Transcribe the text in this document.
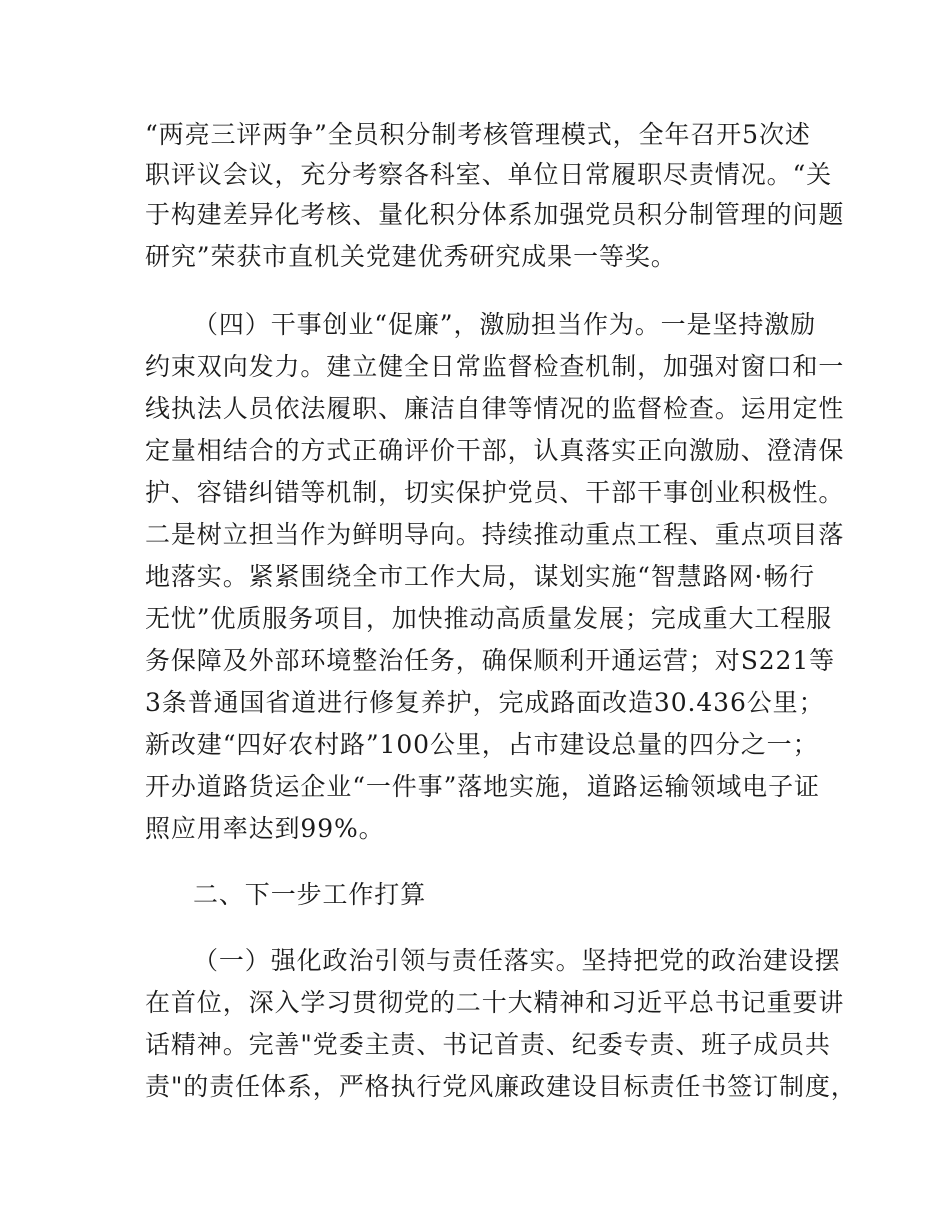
“两亮三评两争”全员积分制考核管理模式，全年召开5次述
职评议会议，充分考察各科室、单位日常履职尽责情况。“关
于构建差异化考核、量化积分体系加强党员积分制管理的问题
研究”荣获市直机关党建优秀研究成果一等奖。
（四）干事创业“促廉”，激励担当作为。一是坚持激励
约束双向发力。建立健全日常监督检查机制，加强对窗口和一
线执法人员依法履职、廉洁自律等情况的监督检查。运用定性
定量相结合的方式正确评价干部，认真落实正向激励、澄清保
护、容错纠错等机制，切实保护党员、干部干事创业积极性。
二是树立担当作为鲜明导向。持续推动重点工程、重点项目落
地落实。紧紧围绕全市工作大局，谋划实施“智慧路网·畅行
无忧”优质服务项目，加快推动高质量发展；完成重大工程服
务保障及外部环境整治任务，确保顺利开通运营；对S221等
3条普通国省道进行修复养护，完成路面改造30.436公里；
新改建“四好农村路”100公里，占市建设总量的四分之一；
开办道路货运企业“一件事”落地实施，道路运输领域电子证
照应用率达到99%。
二、下一步工作打算
（一）强化政治引领与责任落实。坚持把党的政治建设摆
在首位，深入学习贯彻党的二十大精神和习近平总书记重要讲
话精神。完善"党委主责、书记首责、纪委专责、班子成员共
责"的责任体系，严格执行党风廉政建设目标责任书签订制度，
